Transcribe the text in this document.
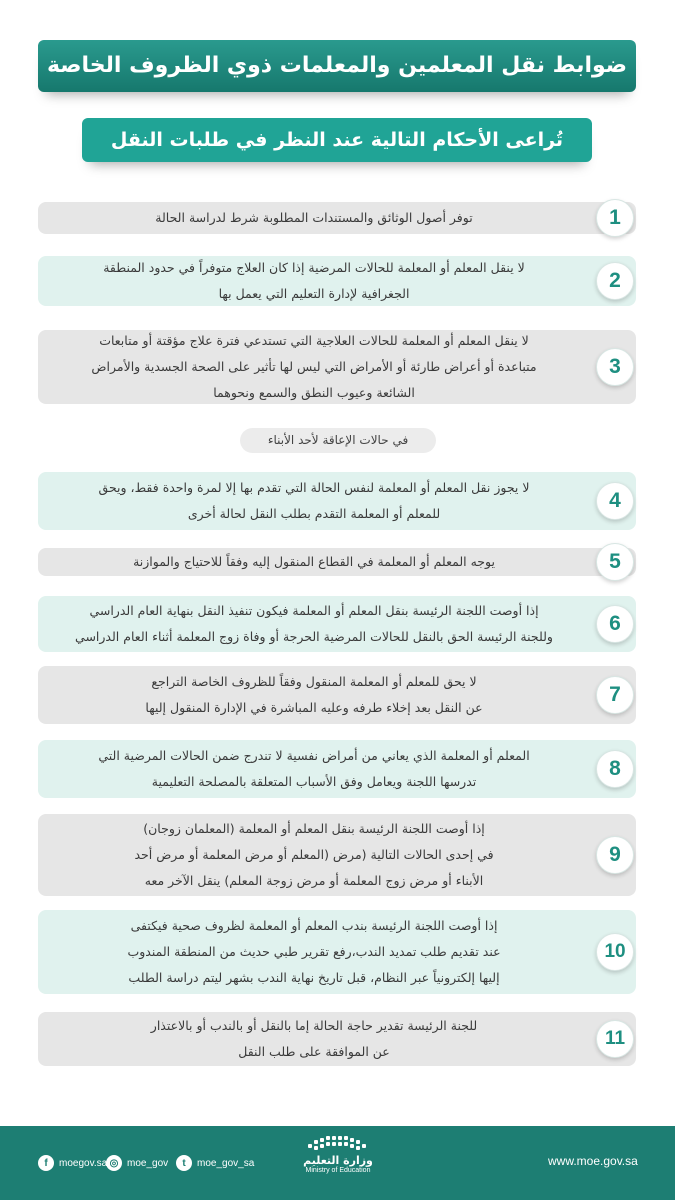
ضوابط نقل المعلمين والمعلمات ذوي الظروف الخاصة
تُراعى الأحكام التالية عند النظر في طلبات النقل
توفر أصول الوثائق والمستندات المطلوبة شرط لدراسة الحالة	1
لا ينقل المعلم أو المعلمة للحالات المرضية إذا كان العلاج متوفراً في حدود المنطقة
الجغرافية لإدارة التعليم التي يعمل بها
2
لا ينقل المعلم أو المعلمة للحالات العلاجية التي تستدعي فترة علاج مؤقتة أو متابعات
متباعدة أو أعراض طارئة أو الأمراض التي ليس لها تأثير على الصحة الجسدية والأمراض
الشائعة وعيوب النطق والسمع ونحوهما
3
في حالات الإعاقة لأحد الأبناء
لا يجوز نقل المعلم أو المعلمة لنفس الحالة التي تقدم بها إلا لمرة واحدة فقط، ويحق
للمعلم أو المعلمة التقدم بطلب النقل لحالة أخرى
4
يوجه المعلم أو المعلمة في القطاع المنقول إليه وفقاً للاحتياج والموازنة	5
إذا أوصت اللجنة الرئيسة بنقل المعلم أو المعلمة فيكون تنفيذ النقل بنهاية العام الدراسي
وللجنة الرئيسة الحق بالنقل للحالات المرضية الحرجة أو وفاة زوج المعلمة أثناء العام الدراسي
6
لا يحق للمعلم أو المعلمة المنقول وفقاً للظروف الخاصة التراجع
عن النقل بعد إخلاء طرفه وعليه المباشرة في الإدارة المنقول إليها
7
المعلم أو المعلمة الذي يعاني من أمراض نفسية لا تندرج ضمن الحالات المرضية التي
تدرسها اللجنة ويعامل وفق الأسباب المتعلقة بالمصلحة التعليمية
8
إذا أوصت اللجنة الرئيسة بنقل المعلم أو المعلمة (المعلمان زوجان)
في إحدى الحالات التالية (مرض (المعلم أو مرض المعلمة أو مرض أحد
الأبناء أو مرض زوج المعلمة أو مرض زوجة المعلم) ينقل الآخر معه
9
إذا أوصت اللجنة الرئيسة بندب المعلم أو المعلمة لظروف صحية فيكتفى
عند تقديم طلب تمديد الندب،رفع تقرير طبي حديث من المنطقة المندوب
إليها إلكترونياً عبر النظام، قبل تاريخ نهاية الندب بشهر ليتم دراسة الطلب
10
للجنة الرئيسة تقدير حاجة الحالة إما بالنقل أو بالندب أو بالاعتذار
عن الموافقة على طلب النقل
11
www.moe.gov.sa
وزارة التعليم
Ministry of Education
t	moe_gov_sa
◎ moe_gov
f	moegov.sa
